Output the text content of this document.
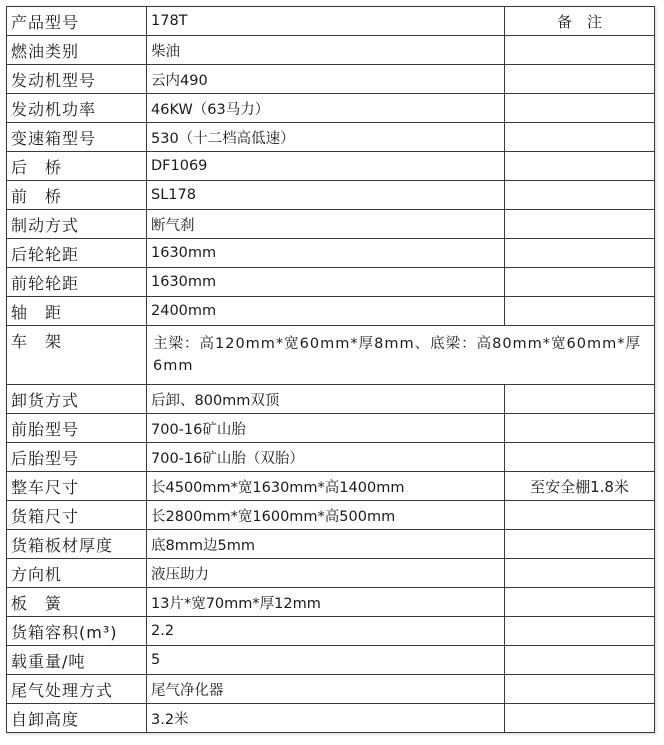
产品型号	178T	备　注
燃油类别	柴油	
发动机型号	云内490	
发动机功率	46KW（63马力）	
变速箱型号	530（十二档高低速）	
后　桥	DF1069	
前　桥	SL178	
制动方式	断气刹	
后轮轮距	1630mm	
前轮轮距	1630mm	
轴　距	2400mm	
车　架	主梁：高120mm*宽60mm*厚8mm、底梁：高80mm*宽60mm*厚6mm	
卸货方式	后卸、800mm双顶	
前胎型号	700-16矿山胎	
后胎型号	700-16矿山胎（双胎）	
整车尺寸	长4500mm*宽1630mm*高1400mm	至安全棚1.8米
货箱尺寸	长2800mm*宽1600mm*高500mm	
货箱板材厚度	底8mm边5mm	
方向机	液压助力	
板　簧	13片*宽70mm*厚12mm	
货箱容积(m³)	2.2	
载重量/吨	5	
尾气处理方式	尾气净化器	
自卸高度	3.2米	
